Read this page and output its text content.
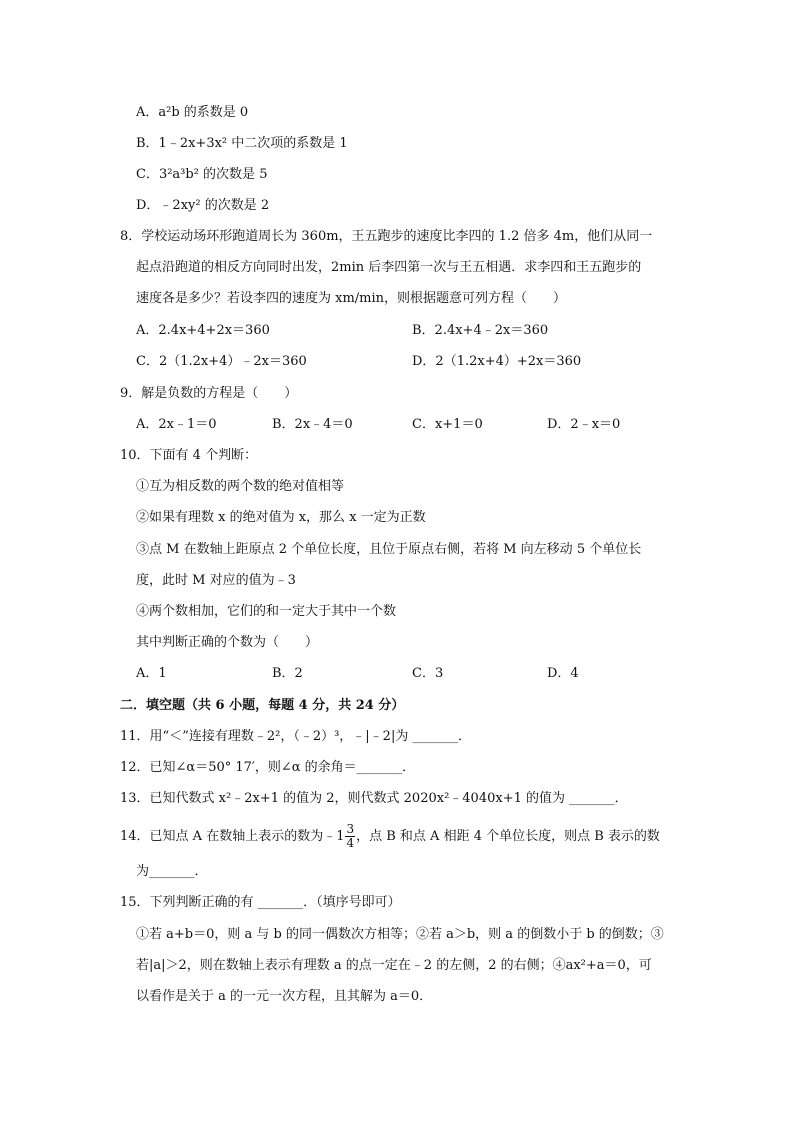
A．a²b 的系数是 0
B．1﹣2x+3x² 中二次项的系数是 1
C．3²a³b² 的次数是 5
D．﹣2xy² 的次数是 2
8．学校运动场环形跑道周长为 360m，王五跑步的速度比李四的 1.2 倍多 4m，他们从同一
起点沿跑道的相反方向同时出发，2min 后李四第一次与王五相遇．求李四和王五跑步的
速度各是多少？若设李四的速度为 xm/min，则根据题意可列方程（　　）
A．2.4x+4+2x＝360	B．2.4x+4﹣2x＝360
C．2（1.2x+4）﹣2x＝360	D．2（1.2x+4）+2x＝360
9．解是负数的方程是（　　）
A．2x﹣1＝0	B．2x﹣4＝0	C．x+1＝0	D．2﹣x＝0
10．下面有 4 个判断：
①互为相反数的两个数的绝对值相等
②如果有理数 x 的绝对值为 x，那么 x 一定为正数
③点 M 在数轴上距原点 2 个单位长度，且位于原点右侧，若将 M 向左移动 5 个单位长
度，此时 M 对应的值为﹣3
④两个数相加，它们的和一定大于其中一个数
其中判断正确的个数为（　　）
A．1	B．2	C．3	D．4
二．填空题（共 6 小题，每题 4 分，共 24 分）
11．用“＜”连接有理数﹣2²，（﹣2）³，﹣|﹣2|为 _______．
12．已知∠α＝50° 17′，则∠α 的余角＝_______．
13．已知代数式 x²﹣2x+1 的值为 2，则代数式 2020x²﹣4040x+1 的值为 _______．
14．已知点 A 在数轴上表示的数为﹣1 $\frac{3}{4}$ ，点 B 和点 A 相距 4 个单位长度，则点 B 表示的数
为_______．
15．下列判断正确的有 _______．（填序号即可）
①若 a+b＝0，则 a 与 b 的同一偶数次方相等；②若 a＞b，则 a 的倒数小于 b 的倒数；③
若|a|＞2，则在数轴上表示有理数 a 的点一定在﹣2 的左侧，2 的右侧；④ax²+a＝0，可
以看作是关于 a 的一元一次方程，且其解为 a＝0．
